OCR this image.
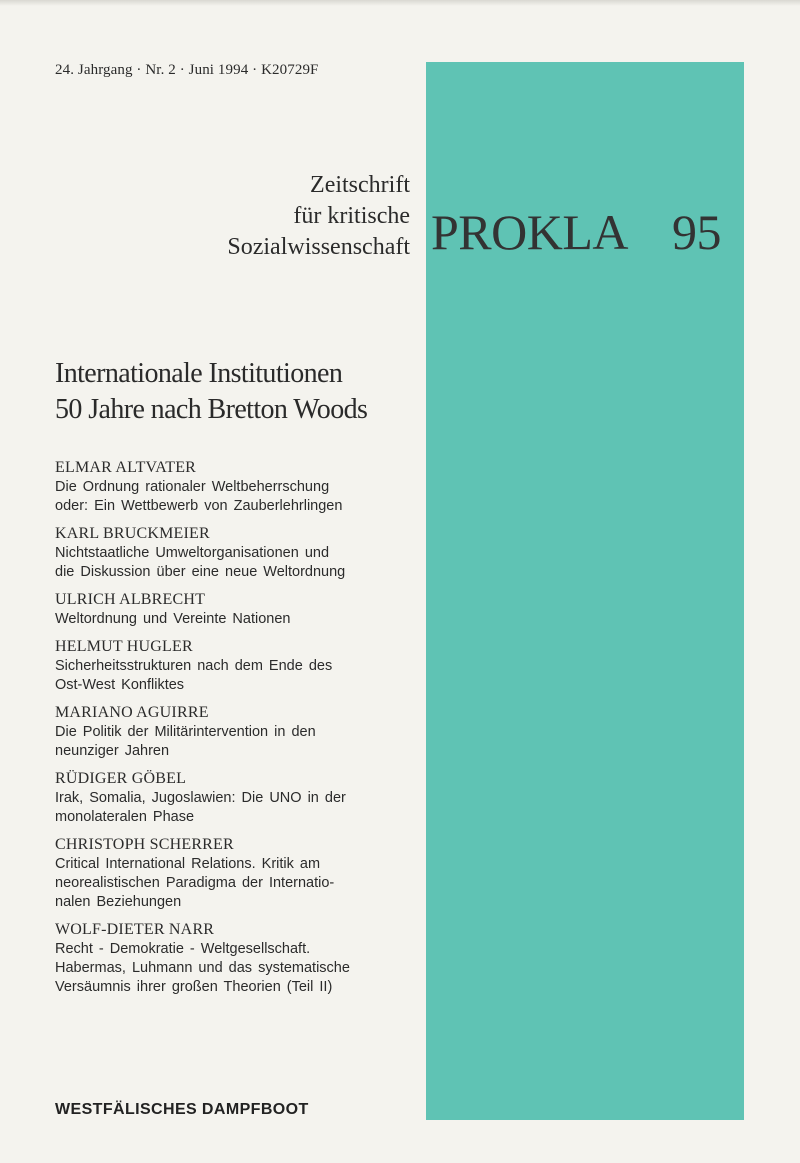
24. Jahrgang · Nr. 2 · Juni 1994 · K20729F
Zeitschrift
für kritische
Sozialwissenschaft PROKLA 95
Internationale Institutionen
50 Jahre nach Bretton Woods
ELMAR ALTVATER
Die Ordnung rationaler Weltbeherrschung
oder: Ein Wettbewerb von Zauberlehrlingen
KARL BRUCKMEIER
Nichtstaatliche Umweltorganisationen und
die Diskussion über eine neue Weltordnung
ULRICH ALBRECHT
Weltordnung und Vereinte Nationen
HELMUT HUGLER
Sicherheitsstrukturen nach dem Ende des
Ost-West Konfliktes
MARIANO AGUIRRE
Die Politik der Militärintervention in den
neunziger Jahren
RÜDIGER GÖBEL
Irak, Somalia, Jugoslawien: Die UNO in der
monolateralen Phase
CHRISTOPH SCHERRER
Critical International Relations. Kritik am
neorealistischen Paradigma der Internatio-
nalen Beziehungen
WOLF-DIETER NARR
Recht - Demokratie - Weltgesellschaft.
Habermas, Luhmann und das systematische
Versäumnis ihrer großen Theorien (Teil II)
WESTFÄLISCHES DAMPFBOOT
